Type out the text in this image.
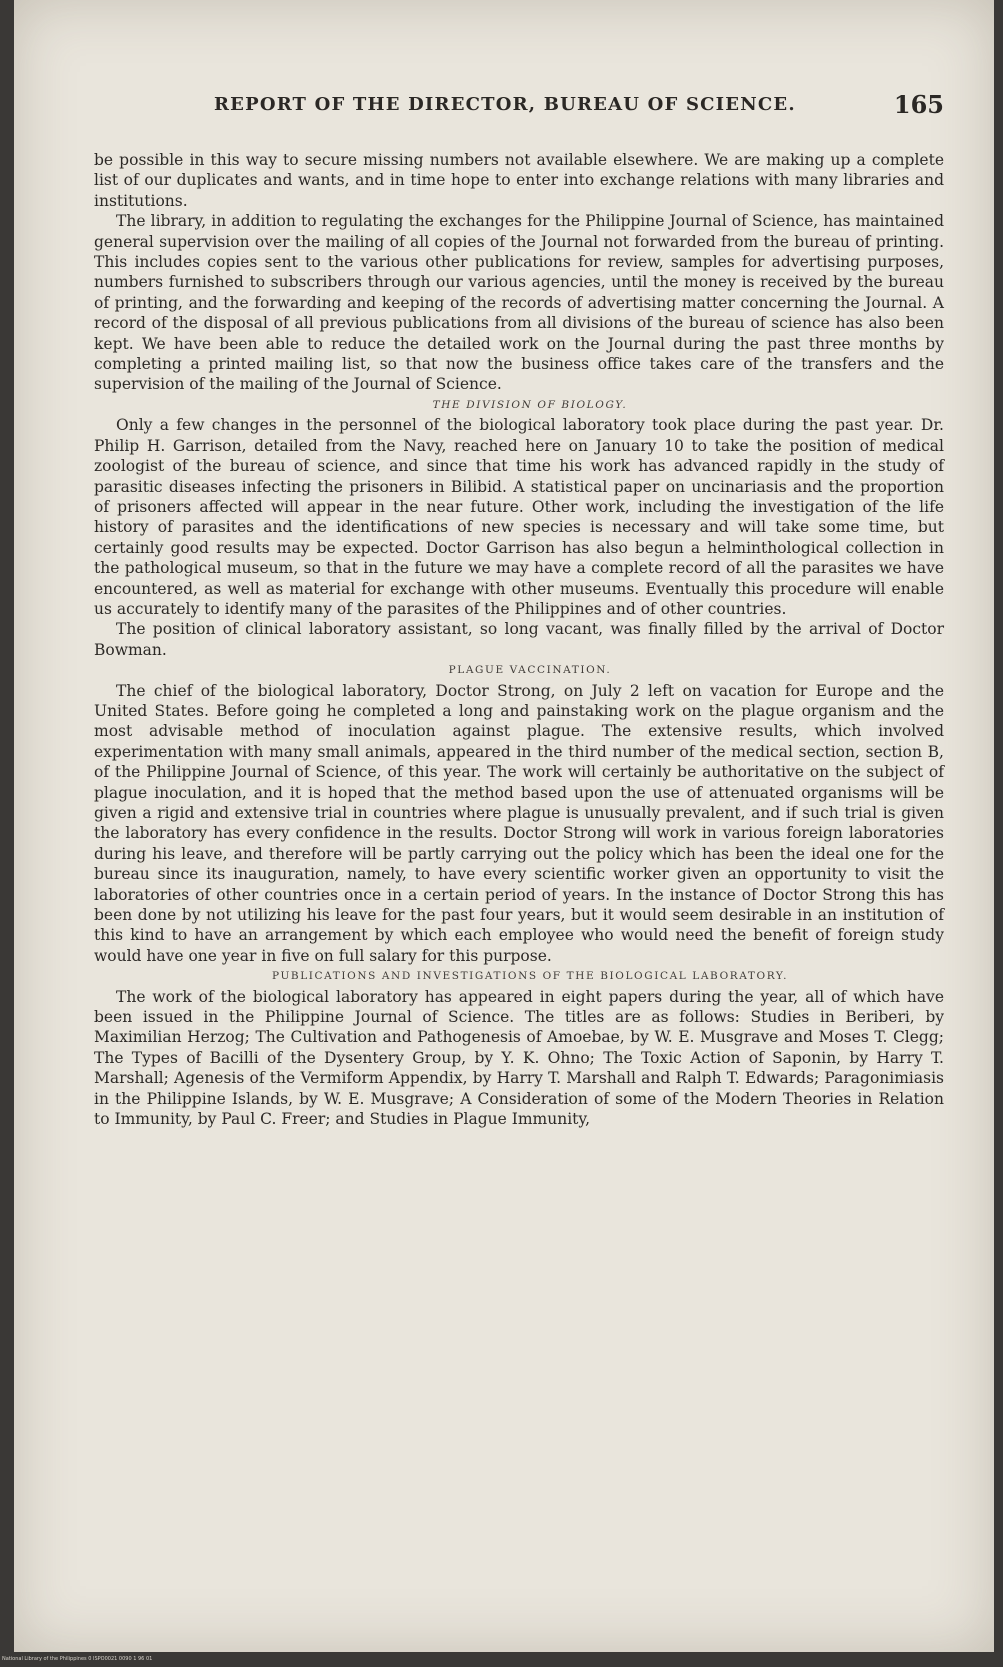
REPORT OF THE DIRECTOR, BUREAU OF SCIENCE.	165

be possible in this way to secure missing numbers not available elsewhere. We are making up a complete list of our duplicates and wants, and in time hope to enter into exchange relations with many libraries and institutions.

The library, in addition to regulating the exchanges for the Philippine Journal of Science, has maintained general supervision over the mailing of all copies of the Journal not forwarded from the bureau of printing. This includes copies sent to the various other publications for review, samples for advertising purposes, numbers furnished to subscribers through our various agencies, until the money is received by the bureau of printing, and the forwarding and keeping of the records of advertising matter concerning the Journal. A record of the disposal of all previous publications from all divisions of the bureau of science has also been kept. We have been able to reduce the detailed work on the Journal during the past three months by completing a printed mailing list, so that now the business office takes care of the transfers and the supervision of the mailing of the Journal of Science.

THE DIVISION OF BIOLOGY.

Only a few changes in the personnel of the biological laboratory took place during the past year. Dr. Philip H. Garrison, detailed from the Navy, reached here on January 10 to take the position of medical zoologist of the bureau of science, and since that time his work has advanced rapidly in the study of parasitic diseases infecting the prisoners in Bilibid. A statistical paper on uncinariasis and the proportion of prisoners affected will appear in the near future. Other work, including the investigation of the life history of parasites and the identifications of new species is necessary and will take some time, but certainly good results may be expected. Doctor Garrison has also begun a helminthological collection in the pathological museum, so that in the future we may have a complete record of all the parasites we have encountered, as well as material for exchange with other museums. Eventually this procedure will enable us accurately to identify many of the parasites of the Philippines and of other countries.

The position of clinical laboratory assistant, so long vacant, was finally filled by the arrival of Doctor Bowman.

PLAGUE VACCINATION.

The chief of the biological laboratory, Doctor Strong, on July 2 left on vacation for Europe and the United States. Before going he completed a long and painstaking work on the plague organism and the most advisable method of inoculation against plague. The extensive results, which involved experimentation with many small animals, appeared in the third number of the medical section, section B, of the Philippine Journal of Science, of this year. The work will certainly be authoritative on the subject of plague inoculation, and it is hoped that the method based upon the use of attenuated organisms will be given a rigid and extensive trial in countries where plague is unusually prevalent, and if such trial is given the laboratory has every confidence in the results. Doctor Strong will work in various foreign laboratories during his leave, and therefore will be partly carrying out the policy which has been the ideal one for the bureau since its inauguration, namely, to have every scientific worker given an opportunity to visit the laboratories of other countries once in a certain period of years. In the instance of Doctor Strong this has been done by not utilizing his leave for the past four years, but it would seem desirable in an institution of this kind to have an arrangement by which each employee who would need the benefit of foreign study would have one year in five on full salary for this purpose.

PUBLICATIONS AND INVESTIGATIONS OF THE BIOLOGICAL LABORATORY.

The work of the biological laboratory has appeared in eight papers during the year, all of which have been issued in the Philippine Journal of Science. The titles are as follows: Studies in Beriberi, by Maximilian Herzog; The Cultivation and Pathogenesis of Amoebae, by W. E. Musgrave and Moses T. Clegg; The Types of Bacilli of the Dysentery Group, by Y. K. Ohno; The Toxic Action of Saponin, by Harry T. Marshall; Agenesis of the Vermiform Appendix, by Harry T. Marshall and Ralph T. Edwards; Paragonimiasis in the Philippine Islands, by W. E. Musgrave; A Consideration of some of the Modern Theories in Relation to Immunity, by Paul C. Freer; and Studies in Plague Immunity,

National Library of the Philippines 0 ISPO0021 0090 1 96 01
